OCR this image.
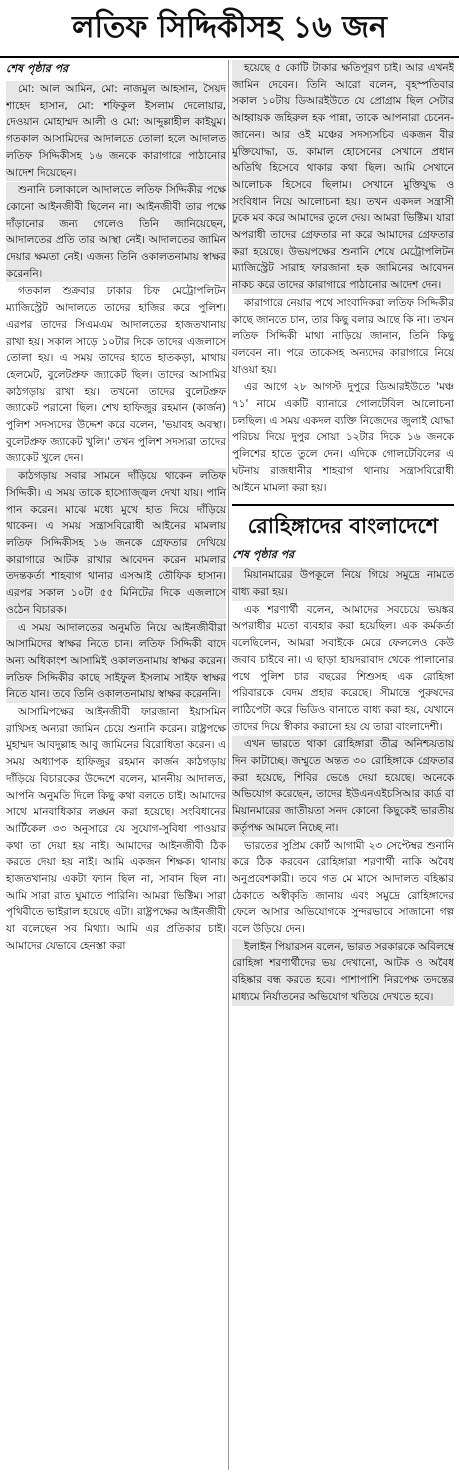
লতিফ সিদ্দিকীসহ ১৬ জন
শেষ পৃষ্ঠার পর

মো: আল আমিন, মো: নাজমুল আহসান, সৈয়দ শাহেদ হাসান, মো: শফিকুল ইসলাম দেলোয়ার, দেওয়ান মোহাম্মদ আলী ও মো: আব্দুল্লাহীল কাইয়ুম। গতকাল আসামিদের আদালতে তোলা হলে আদালত লতিফ সিদ্দিকীসহ ১৬ জনকে কারাগারে পাঠানোর আদেশ দিয়েছেন।

শুনানি চলাকালে আদালতে লতিফ সিদ্দিকীর পক্ষে কোনো আইনজীবী ছিলেন না। আইনজীবী তার পক্ষে দাঁড়ানোর জন্য গেলেও তিনি জানিয়েছেন, আদালতের প্রতি তার আস্থা নেই। আদালতের জামিন দেয়ার ক্ষমতা নেই। এজন্য তিনি ওকালতনামায় স্বাক্ষর করেননি।

গতকাল শুক্রবার ঢাকার চিফ মেট্রোপলিটন ম্যাজিস্ট্রেট আদালতে তাদের হাজির করে পুলিশ। এরপর তাদের সিএমএম আদালতের হাজতখানায় রাখা হয়। সকাল সাড়ে ১০টার দিকে তাদের এজলাসে তোলা হয়। এ সময় তাদের হাতে হাতকড়া, মাথায় হেলমেট, বুলেটপ্রুফ জ্যাকেট ছিল। তাদের আসামির কাঠগড়ায় রাখা হয়। তখনো তাদের বুলেটপ্রুফ জ্যাকেট পরানো ছিল। শেখ হাফিজুর রহমান (কার্জন) পুলিশ সদস্যদের উদ্দেশ করে বলেন, 'ভয়াবহ অবস্থা। বুলেটপ্রুফ জ্যাকেট খুলি।' তখন পুলিশ সদস্যরা তাদের জ্যাকেট খুলে দেন।

কাঠগড়ায় সবার সামনে দাঁড়িয়ে থাকেন লতিফ সিদ্দিকী। এ সময় তাকে হাস্যোজ্জ্বল দেখা যায়। পানি পান করেন। মাঝে মধ্যে মুখে হাত দিয়ে দাঁড়িয়ে থাকেন। এ সময় সন্ত্রাসবিরোধী আইনের মামলায় লতিফ সিদ্দিকীসহ ১৬ জনকে গ্রেফতার দেখিয়ে কারাগারে আটক রাখার আবেদন করেন মামলার তদন্তকর্তা শাহবাগ থানার এসআই তৌফিক হাসান। এরপর সকাল ১০টা ৫৫ মিনিটের দিকে এজলাসে ওঠেন বিচারক।

এ সময় আদালতের অনুমতি নিয়ে আইনজীবীরা আসামিদের স্বাক্ষর নিতে চান। লতিফ সিদ্দিকী বাদে অন্য অধিকাংশ আসামিই ওকালতনামায় স্বাক্ষর করেন। লতিফ সিদ্দিকীর কাছে সাইফুল ইসলাম সাইফ স্বাক্ষর নিতে যান। তবে তিনি ওকালতনামায় স্বাক্ষর করেননি।

আসামিপক্ষের আইনজীবী ফারজানা ইয়াসমিন রাখিসহ অন্যরা জামিন চেয়ে শুনানি করেন। রাষ্ট্রপক্ষে মুহাম্মদ আবদুল্লাহ আবু জামিনের বিরোধিতা করেন। এ সময় অধ্যাপক হাফিজুর রহমান কার্জন কাঠগড়ায় দাঁড়িয়ে বিচারকের উদ্দেশে বলেন, মাননীয় আদালত, আপনি অনুমতি দিলে কিছু কথা বলতে চাই। আমাদের সাথে মানবাধিকার লঙ্ঘন করা হয়েছে। সংবিধানের আর্টিকেল ৩৩ অনুসারে যে সুযোগ-সুবিধা পাওয়ার কথা তা দেয়া হয় নাই। আমাদের আইনজীবী ঠিক করতে দেয়া হয় নাই। আমি একজন শিক্ষক। থানায় হাজতখানায় একটা ফ্যান ছিল না, সাবান ছিল না। আমি সারা রাত ঘুমাতে পারিনি। আমরা ভিক্টিম। সারা পৃথিবীতে ভাইরাল হয়েছে এটা। রাষ্ট্রপক্ষের আইনজীবী যা বলেছেন সব মিথ্যা। আমি এর প্রতিকার চাই। আমাদের যেভাবে হেনস্তা করা

হয়েছে ৫ কোটি টাকার ক্ষতিপূরণ চাই। আর এখনই জামিন দেবেন। তিনি আরো বলেন, বৃহস্পতিবার সকাল ১০টায় ডিআরইউতে যে প্রোগ্রাম ছিল সেটার আহ্বায়ক জহিরুল হক পান্না, তাকে আপনারা চেনেন-জানেন। আর ওই মঞ্চের সদস্যসচিব একজন বীর মুক্তিযোদ্ধা, ড. কামাল হোসেনের সেখানে প্রধান অতিথি হিসেবে থাকার কথা ছিল। আমি সেখানে আলোচক হিসেবে ছিলাম। সেখানে মুক্তিযুদ্ধ ও সংবিধান নিয়ে আলোচনা হয়। তখন একদল সন্ত্রাসী ঢুকে মব করে আমাদের তুলে দেয়। আমরা ভিক্টিম। যারা অপরাধী তাদের গ্রেফতার না করে আমাদের গ্রেফতার করা হয়েছে। উভয়পক্ষের শুনানি শেষে মেট্রোপলিটন ম্যাজিস্ট্রেট সারাহ ফারজানা হক জামিনের আবেদন নাকচ করে তাদের কারাগারে পাঠানোর আদেশ দেন।

কারাগারে নেয়ার পথে সাংবাদিকরা লতিফ সিদ্দিকীর কাছে জানতে চান, তার কিছু বলার আছে কি না। তখন লতিফ সিদ্দিকী মাথা নাড়িয়ে জানান, তিনি কিছু বলবেন না। পরে তাকেসহ অন্যদের কারাগারে নিয়ে যাওয়া হয়।

এর আগে ২৮ আগস্ট দুপুরে ডিআরইউতে 'মঞ্চ ৭১' নামে একটি ব্যানারে গোলটেবিল আলোচনা চলছিল। এ সময় একদল ব্যক্তি নিজেদের জুলাই যোদ্ধা পরিচয় দিয়ে দুপুর সোয়া ১২টার দিকে ১৬ জনকে পুলিশের হাতে তুলে দেন। এদিকে গোলটেবিলের এ ঘটনায় রাজধানীর শাহবাগ থানায় সন্ত্রাসবিরোধী আইনে মামলা করা হয়।

রোহিঙ্গাদের বাংলাদেশে
শেষ পৃষ্ঠার পর

মিয়ানমারের উপকূলে নিয়ে গিয়ে সমুদ্রে নামতে বাধ্য করা হয়।

এক শরণার্থী বলেন, আমাদের সবচেয়ে ভয়ঙ্কর অপরাধীর মতো ব্যবহার করা হয়েছিল। এক কর্মকর্তা বলেছিলেন, আমরা সবাইকে মেরে ফেললেও কেউ জবাব চাইবে না। এ ছাড়া হায়দরাবাদ থেকে পালানোর পথে পুলিশ চার বছরের শিশুসহ এক রোহিঙ্গা পরিবারকে বেদম প্রহার করেছে। সীমান্তে পুরুষদের লাঠিপেটা করে ভিডিও বানাতে বাধ্য করা হয়, যেখানে তাদের দিয়ে স্বীকার করানো হয় যে তারা বাংলাদেশী।

এখন ভারতে থাকা রোহিঙ্গারা তীব্র অনিশ্চয়তায় দিন কাটাচ্ছে। জম্মুতে অন্তত ৩০ রোহিঙ্গাকে গ্রেফতার করা হয়েছে, শিবির ভেঙে দেয়া হয়েছে। অনেকে অভিযোগ করেছেন, তাদের ইউএনএইচসিআর কার্ড বা মিয়ানমারের জাতীয়তা সনদ কোনো কিছুকেই ভারতীয় কর্তৃপক্ষ আমলে নিচ্ছে না।

ভারতের সুপ্রিম কোর্ট আগামী ২৩ সেপ্টেম্বর শুনানি করে ঠিক করবেন রোহিঙ্গারা শরণার্থী নাকি অবৈধ অনুপ্রবেশকারী। তবে গত মে মাসে আদালত বহিষ্কার ঠেকাতে অস্বীকৃতি জানায় এবং সমুদ্রে রোহিঙ্গাদের ফেলে আসার অভিযোগকে সুন্দরভাবে সাজানো গল্প বলে উড়িয়ে দেন।

ইলাইন পিয়ারসন বলেন, ভারত সরকারকে অবিলম্বে রোহিঙ্গা শরণার্থীদের ভয় দেখানো, আটক ও অবৈধ বহিষ্কার বন্ধ করতে হবে। পাশাপাশি নিরপেক্ষ তদন্তের মাধ্যমে নির্যাতনের অভিযোগ খতিয়ে দেখতে হবে।
